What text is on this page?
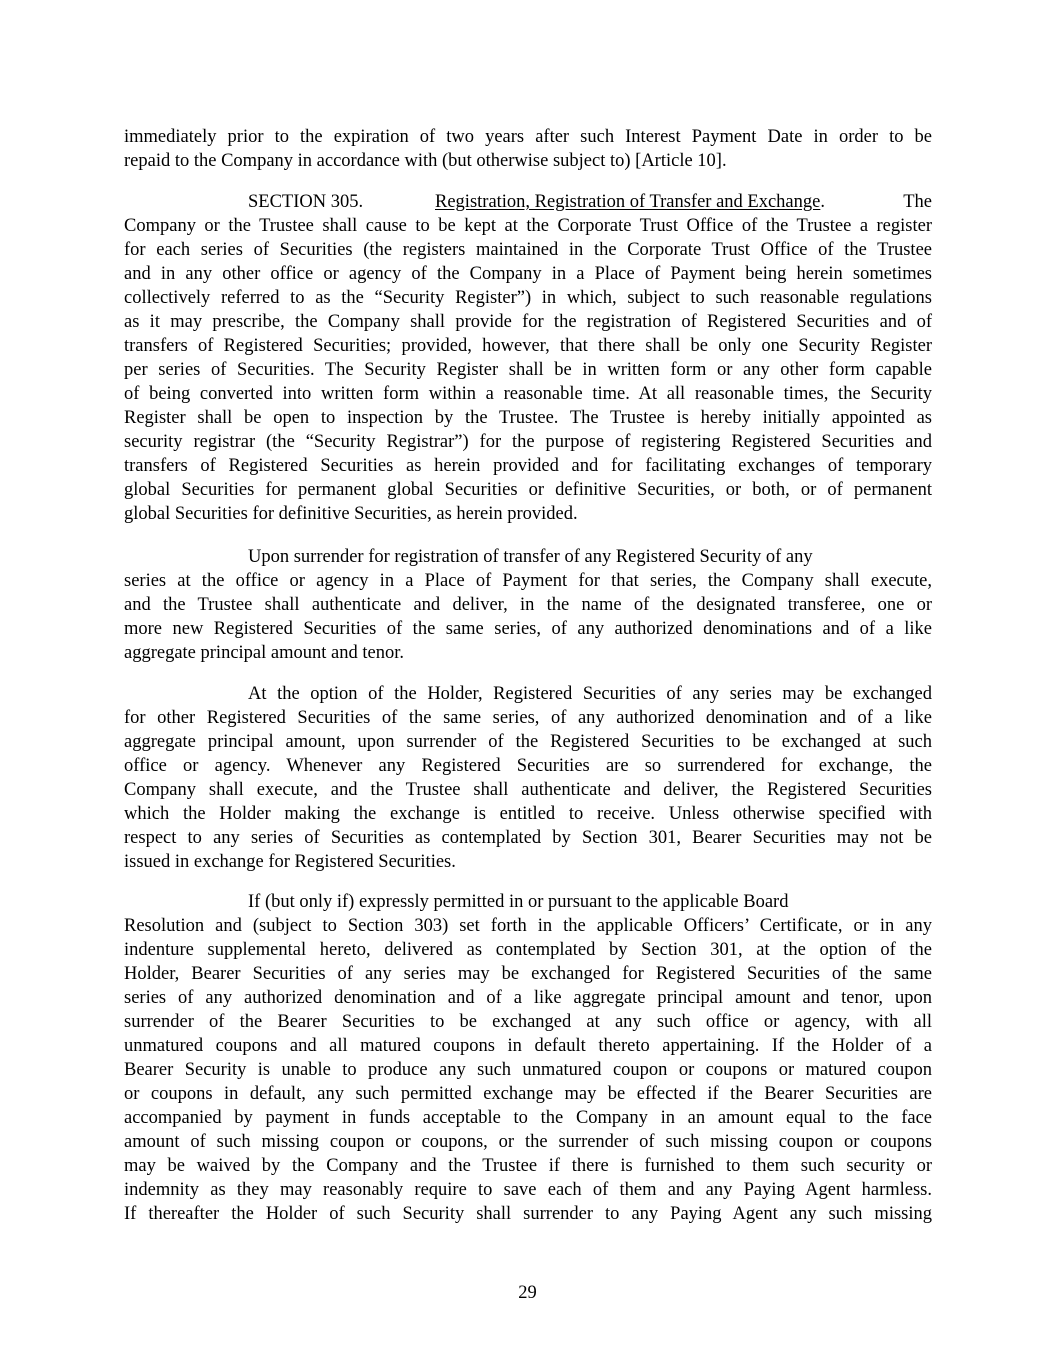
immediately prior to the expiration of two years after such Interest Payment Date in order to be

repaid to the Company in accordance with (but otherwise subject to) [Article 10].

SECTION 305.	Registration, Registration of Transfer and Exchange.	The

Company or the Trustee shall cause to be kept at the Corporate Trust Office of the Trustee a register

for each series of Securities (the registers maintained in the Corporate Trust Office of the Trustee

and in any other office or agency of the Company in a Place of Payment being herein sometimes

collectively referred to as the “Security Register”) in which, subject to such reasonable regulations

as it may prescribe, the Company shall provide for the registration of Registered Securities and of

transfers of Registered Securities; provided, however, that there shall be only one Security Register

per series of Securities. The Security Register shall be in written form or any other form capable

of being converted into written form within a reasonable time. At all reasonable times, the Security

Register shall be open to inspection by the Trustee. The Trustee is hereby initially appointed as

security registrar (the “Security Registrar”) for the purpose of registering Registered Securities and

transfers of Registered Securities as herein provided and for facilitating exchanges of temporary

global Securities for permanent global Securities or definitive Securities, or both, or of permanent

global Securities for definitive Securities, as herein provided.

Upon surrender for registration of transfer of any Registered Security of any

series at the office or agency in a Place of Payment for that series, the Company shall execute,

and the Trustee shall authenticate and deliver, in the name of the designated transferee, one or

more new Registered Securities of the same series, of any authorized denominations and of a like

aggregate principal amount and tenor.

At the option of the Holder, Registered Securities of any series may be exchanged

for other Registered Securities of the same series, of any authorized denomination and of a like

aggregate principal amount, upon surrender of the Registered Securities to be exchanged at such

office or agency. Whenever any Registered Securities are so surrendered for exchange, the

Company shall execute, and the Trustee shall authenticate and deliver, the Registered Securities

which the Holder making the exchange is entitled to receive. Unless otherwise specified with

respect to any series of Securities as contemplated by Section 301, Bearer Securities may not be

issued in exchange for Registered Securities.

If (but only if) expressly permitted in or pursuant to the applicable Board

Resolution and (subject to Section 303) set forth in the applicable Officers’ Certificate, or in any

indenture supplemental hereto, delivered as contemplated by Section 301, at the option of the

Holder, Bearer Securities of any series may be exchanged for Registered Securities of the same

series of any authorized denomination and of a like aggregate principal amount and tenor, upon

surrender of the Bearer Securities to be exchanged at any such office or agency, with all

unmatured coupons and all matured coupons in default thereto appertaining. If the Holder of a

Bearer Security is unable to produce any such unmatured coupon or coupons or matured coupon

or coupons in default, any such permitted exchange may be effected if the Bearer Securities are

accompanied by payment in funds acceptable to the Company in an amount equal to the face

amount of such missing coupon or coupons, or the surrender of such missing coupon or coupons

may be waived by the Company and the Trustee if there is furnished to them such security or

indemnity as they may reasonably require to save each of them and any Paying Agent harmless.

If thereafter the Holder of such Security shall surrender to any Paying Agent any such missing

29
